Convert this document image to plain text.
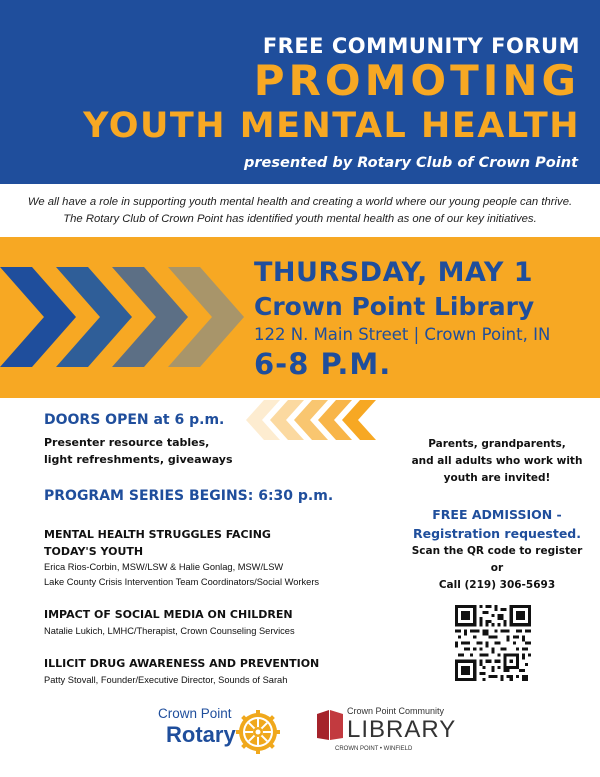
FREE COMMUNITY FORUM
PROMOTING
YOUTH MENTAL HEALTH
presented by Rotary Club of Crown Point
We all have a role in supporting youth mental health and creating a world where our young people can thrive. The Rotary Club of Crown Point has identified youth mental health as one of our key initiatives.
THURSDAY, MAY 1
Crown Point Library
122 N. Main Street | Crown Point, IN
6-8 P.M.
DOORS OPEN at 6 p.m.
Presenter resource tables,
light refreshments, giveaways
PROGRAM SERIES BEGINS: 6:30 p.m.
MENTAL HEALTH STRUGGLES FACING
TODAY'S YOUTH
Erica Rios-Corbin, MSW/LSW & Halie Gonlag, MSW/LSW
Lake County Crisis Intervention Team Coordinators/Social Workers
IMPACT OF SOCIAL MEDIA ON CHILDREN
Natalie Lukich, LMHC/Therapist, Crown Counseling Services
ILLICIT DRUG AWARENESS AND PREVENTION
Patty Stovall, Founder/Executive Director, Sounds of Sarah
Parents, grandparents,
and all adults who work with
youth are invited!
FREE ADMISSION -
Registration requested.
Scan the QR code to register
or
Call (219) 306-5693
Crown Point
Rotary
Crown Point Community
LIBRARY
CROWN POINT • WINFIELD
